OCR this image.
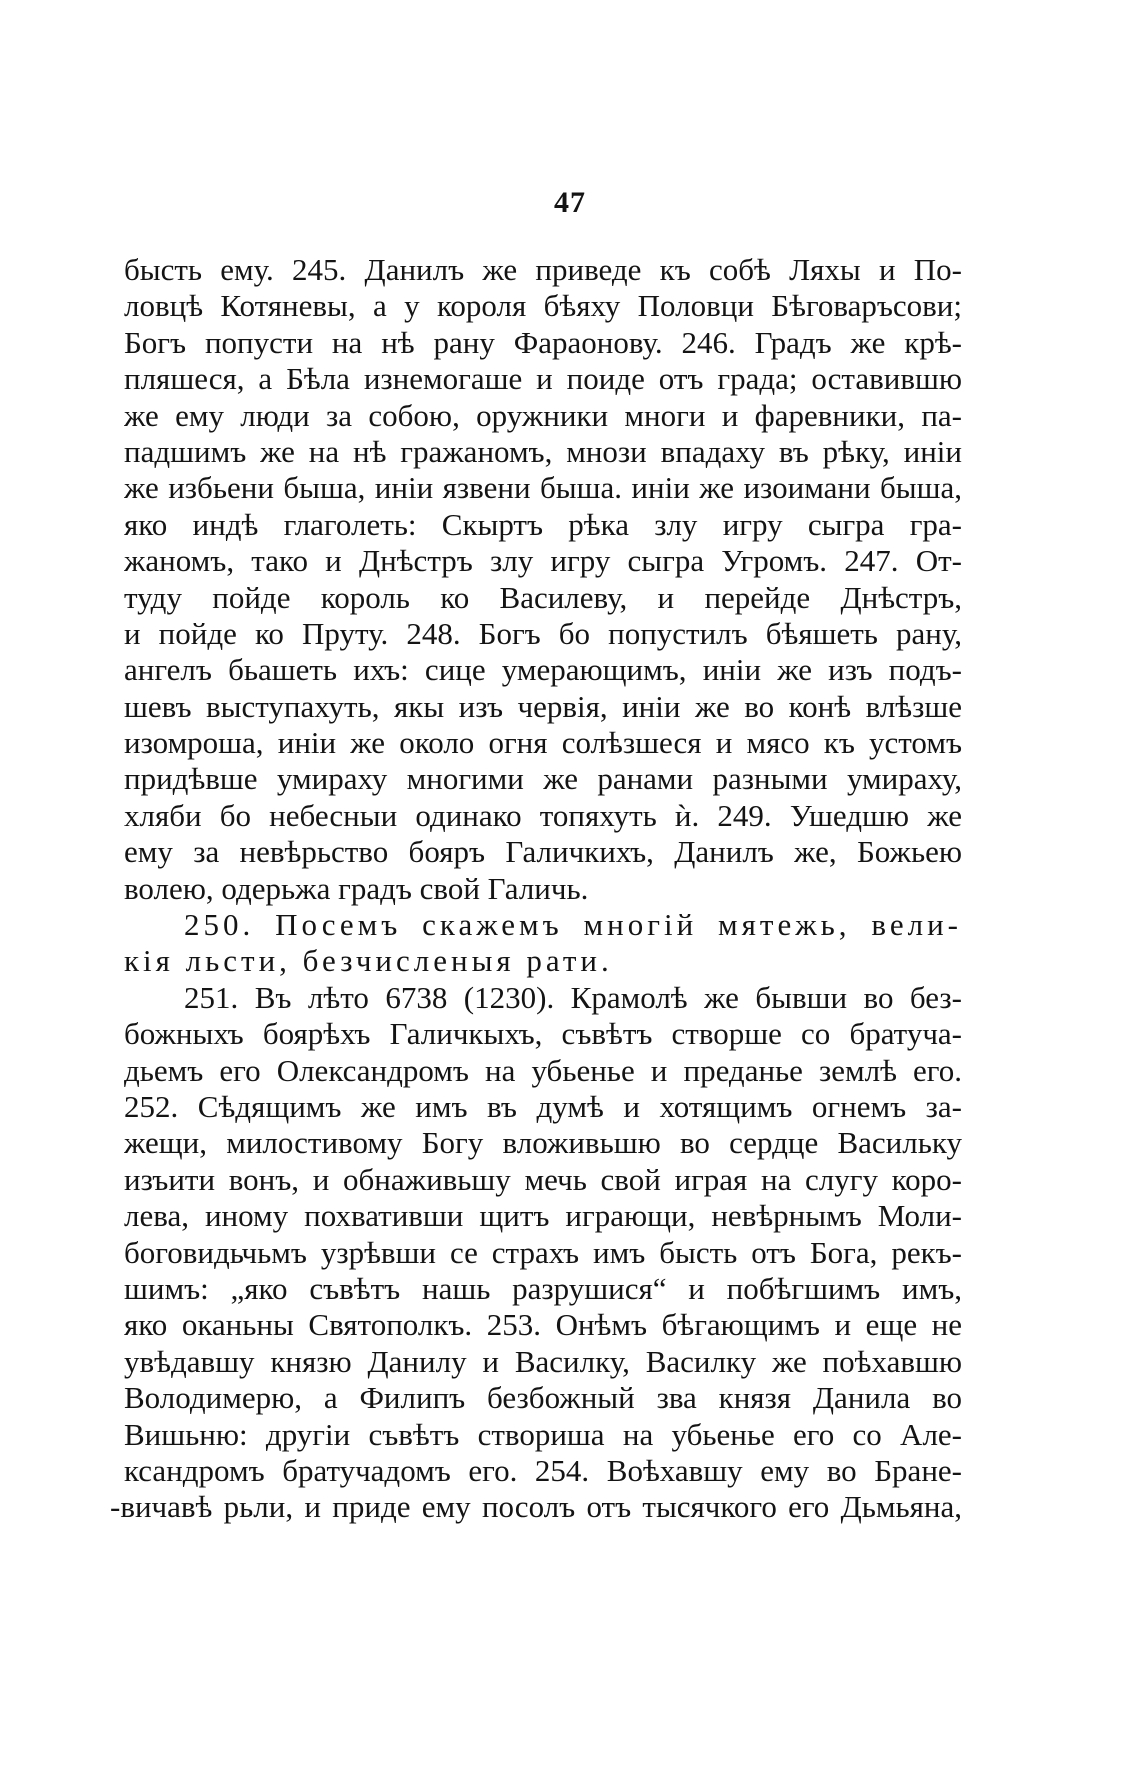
47
бысть ему. 245. Данилъ же приведе къ собѣ Ляхы и По-
ловцѣ Котяневы, а у короля бѣяху Половци Бѣговаръсови;
Богъ попусти на нѣ рану Фараонову. 246. Градъ же крѣ-
пляшеся, а Бѣла изнемогаше и поиде отъ града; оставившю
же ему люди за собою, оружники многи и фаревники, па-
падшимъ же на нѣ гражаномъ, мнози впадаху въ рѣку, иніи
же избьени быша, иніи язвени быша. иніи же изоимани быша,
яко индѣ глаголеть: Скыртъ рѣка злу игру сыгра гра-
жаномъ, тако и Днѣстръ злу игру сыгра Угромъ. 247. От-
туду пойде король ко Василеву, и перейде Днѣстръ,
и пойде ко Пруту. 248. Богъ бо попустилъ бѣяшеть рану,
ангелъ бьашеть ихъ: сице умерающимъ, иніи же изъ подъ-
шевъ выступахуть, якы изъ червія, иніи же во конѣ влѣзше
изомроша, иніи же около огня солѣзшеся и мясо къ устомъ
придѣвше умираху многими же ранами разными умираху,
хляби бо небесныи одинако топяхуть ѝ. 249. Ушедшю же
ему за невѣрьство бояръ Галичкихъ, Данилъ же, Божьею
волею, одерьжа градъ свой Галичь.
250. Посемъ скажемъ многій мятежь, вели-
кія льсти, безчисленыя рати.
251. Въ лѣто 6738 (1230). Крамолѣ же бывши во без-
божныхъ боярѣхъ Галичкыхъ, съвѣтъ створше со братуча-
дьемъ его Олександромъ на убьенье и преданье землѣ его.
252. Сѣдящимъ же имъ въ думѣ и хотящимъ огнемъ за-
жещи, милостивому Богу вложивьшю во сердце Васильку
изъити вонъ, и обнаживьшу мечь свой играя на слугу коро-
лева, иному похвативши щитъ играющи, невѣрнымъ Моли-
боговидьчьмъ узрѣвши се страхъ имъ бысть отъ Бога, рекъ-
шимъ: „яко съвѣтъ нашь разрушися“ и побѣгшимъ имъ,
яко оканьны Святополкъ. 253. Онѣмъ бѣгающимъ и еще не
увѣдавшу князю Данилу и Василку, Василку же поѣхавшю
Володимерю, а Филипъ безбожный зва князя Данила во
Вишьню: другіи съвѣтъ створиша на убьенье его со Але-
ксандромъ братучадомъ его. 254. Воѣхавшу ему во Бране-
-вичавѣ рьли, и приде ему посолъ отъ тысячкого его Дьмьяна,
